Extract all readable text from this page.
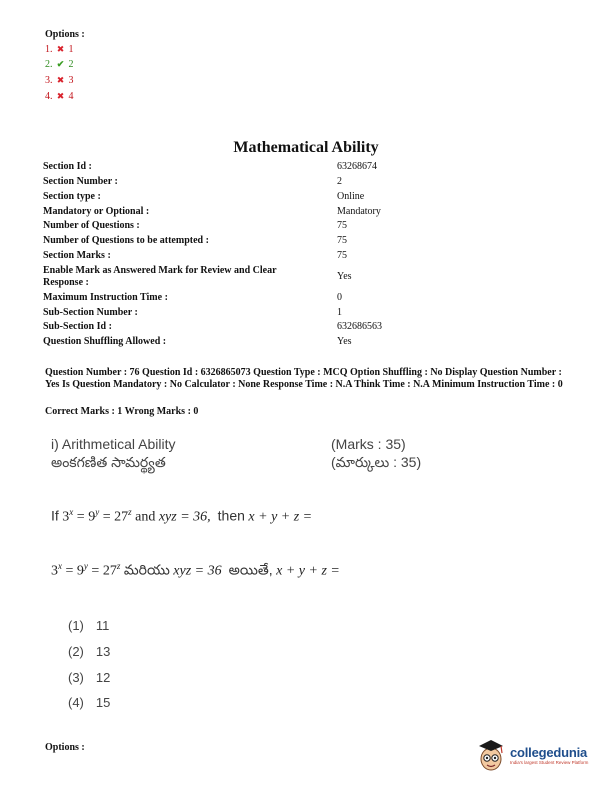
Options :
1. ✖ 1
2. ✔ 2
3. ✖ 3
4. ✖ 4
Mathematical Ability
Section Id :	63268674
Section Number :	2
Section type :	Online
Mandatory or Optional :	Mandatory
Number of Questions :	75
Number of Questions to be attempted :	75
Section Marks :	75
Enable Mark as Answered Mark for Review and Clear Response :
Yes
Maximum Instruction Time :	0
Sub-Section Number :	1
Sub-Section Id :	632686563
Question Shuffling Allowed :	Yes
Question Number : 76 Question Id : 6326865073 Question Type : MCQ Option Shuffling : No Display Question Number : Yes Is Question Mandatory : No Calculator : None Response Time : N.A Think Time : N.A Minimum Instruction Time : 0
Correct Marks : 1 Wrong Marks : 0
i) Arithmetical Ability
అంకగణిత సామర్థ్యత
(Marks : 35)
(మార్కులు : 35)
If $3^x = 9^y = 27^z$ and xyz = 36, then x + y + z =
$3^x = 9^y = 27^z$ మరియు xyz = 36 అయితే, x + y + z =
(1) 11
(2) 13
(3) 12
(4) 15
Options :	collegedunia
India's largest Student Review Platform
